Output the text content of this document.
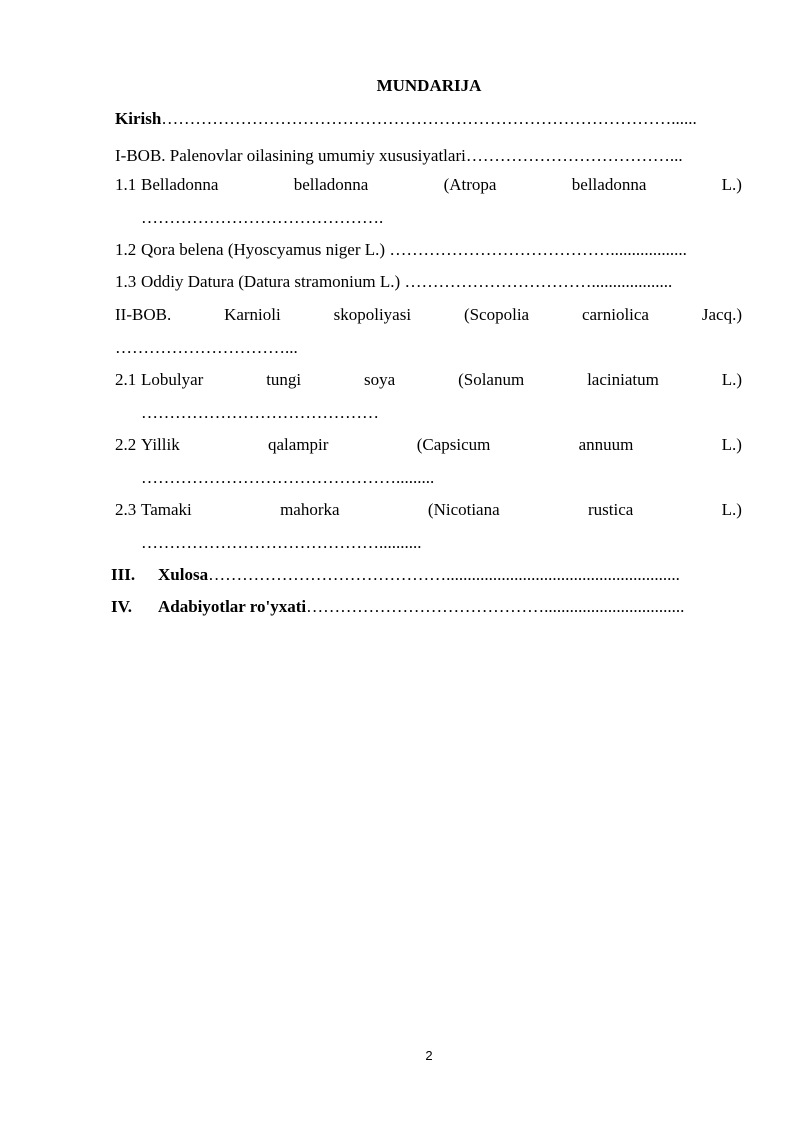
MUNDARIJA
Kirish………………………………………………………………………………......
I-BOB. Palenovlar oilasining umumiy xususiyatlari………………………………...
1.1 Belladonna	belladonna	(Atropa	belladonna	L.)
…………………………………….
1.2 Qora belena (Hyoscyamus niger L.) …………………………………..................
1.3 Oddiy Datura (Datura stramonium L.) ……………………………...................
II-BOB.	Karnioli	skopoliyasi	(Scopolia	carniolica	Jacq.)
…………………………...
2.1 Lobulyar	tungi	soya	(Solanum	laciniatum	L.)
……………………………………
2.2 Yillik	qalampir	(Capsicum	annuum	L.)
……………………………………….........
2.3 Tamaki	mahorka	(Nicotiana	rustica	L.)
……………………………………..........
III. Xulosa…………………………………….......................................................
IV. Adabiyotlar ro'yxati…………………………………….................................
2
